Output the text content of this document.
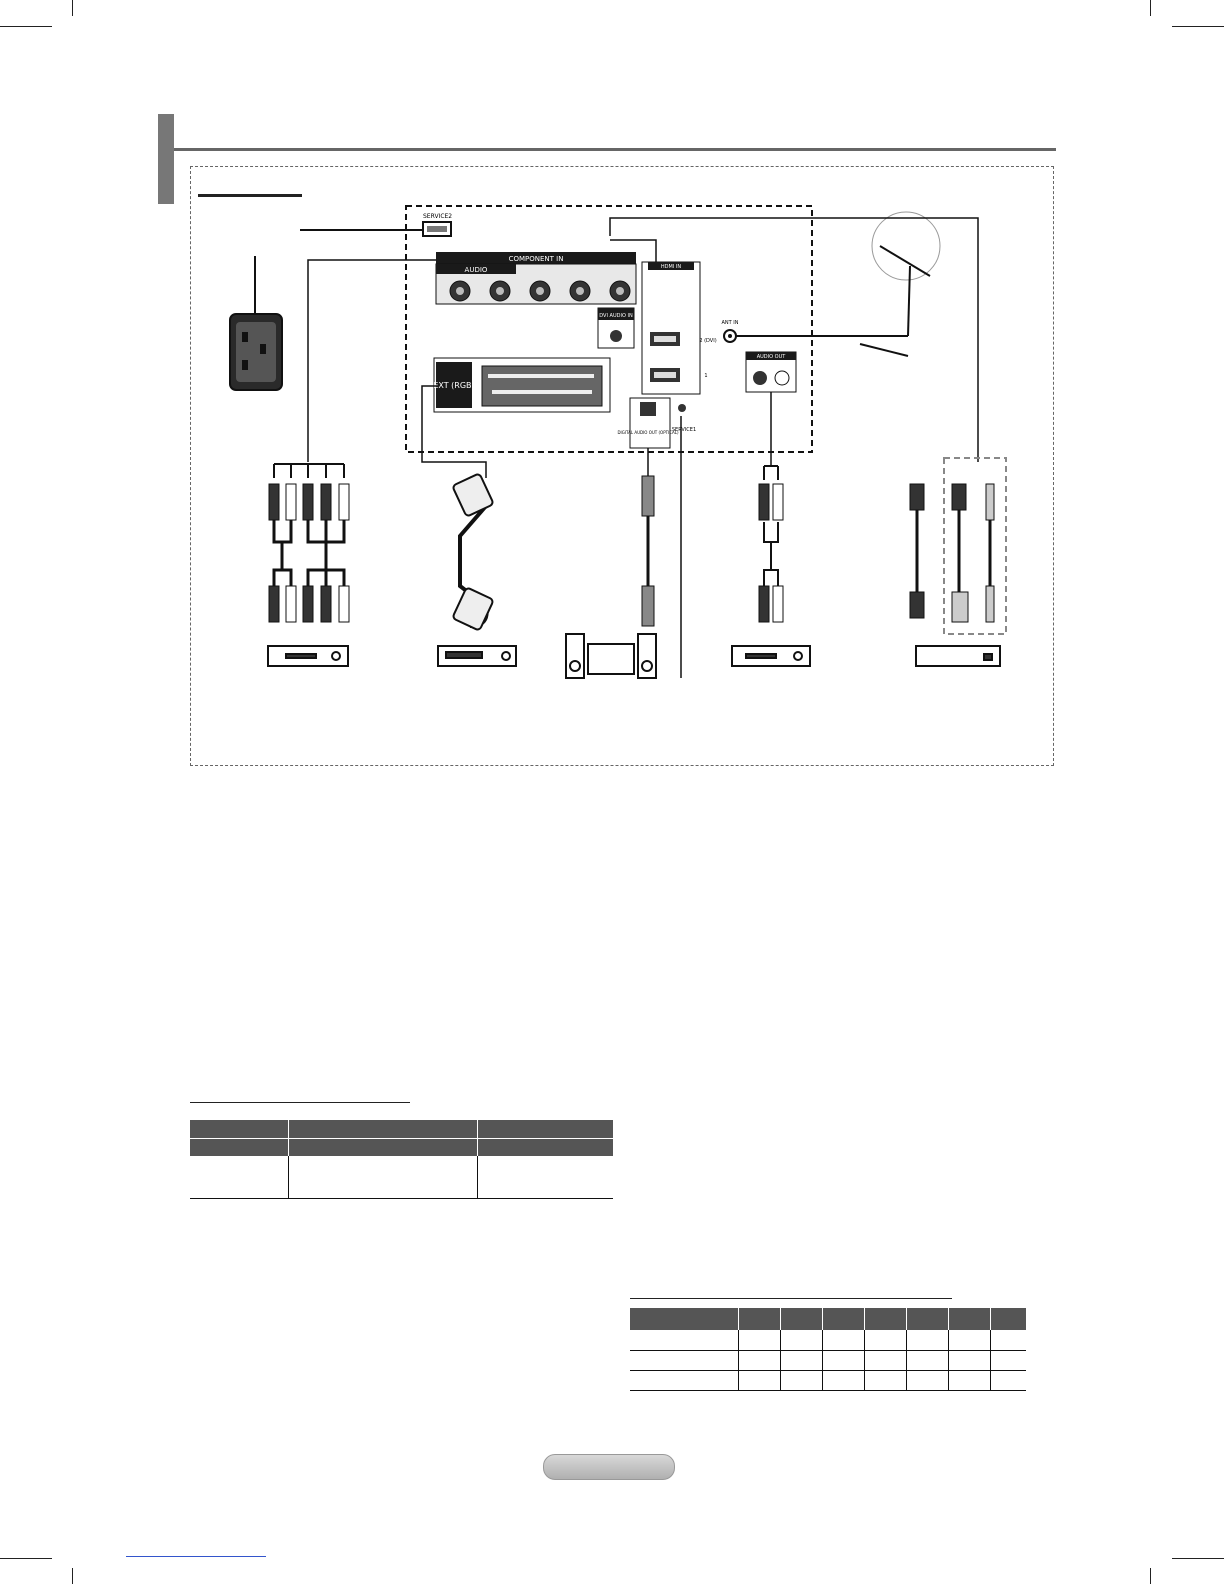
SERVICE2
COMPONENT IN
AUDIO
DVI AUDIO IN
HDMI IN
2 (DVI)
1
ANT IN
EXT (RGB)
DIGITAL AUDIO OUT (OPTICAL)
SERVICE1
AUDIO OUT
